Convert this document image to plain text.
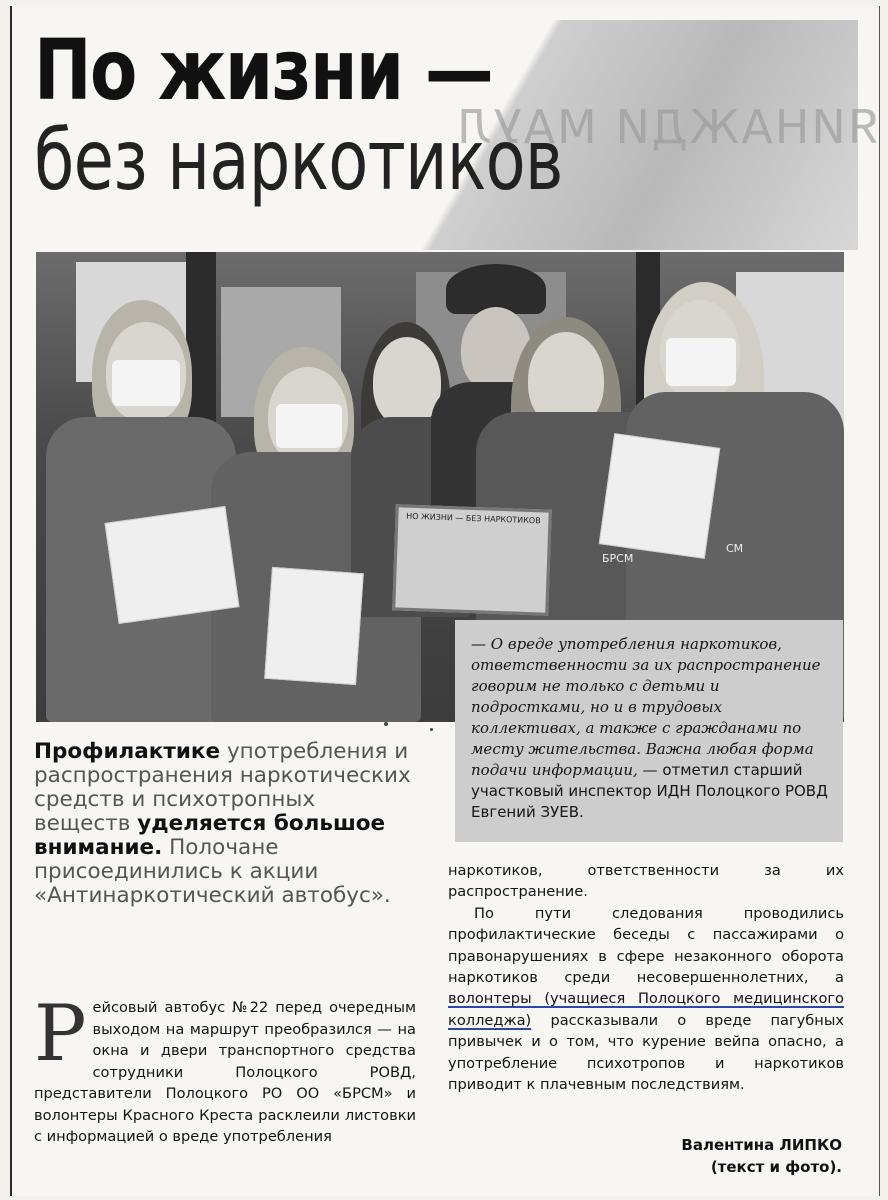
ЯИНАЖДИ МАУЛ
По жизни —
без наркотиков
НО ЖИЗНИ — БЕЗ НАРКОТИКОВ
БРСМ
СМ
— О вреде употребления наркотиков, ответственности за их распространение говорим не только с детьми и подростками, но и в трудовых коллективах, а также с гражданами по месту жительства. Важна любая форма подачи информации, — отметил старший участковый инспектор ИДН Полоцкого РОВД Евгений ЗУЕВ.
Профилактике употребления и распространения наркотических средств и психотропных веществ уделяется большое внимание. Полочане присоединились к акции «Антинаркотический автобус».
Рейсовый автобус №22 перед очередным выходом на маршрут преобразился — на окна и двери транспортного средства сотрудники Полоцкого РОВД, представители Полоцкого РО ОО «БРСМ» и волонтеры Красного Креста расклеили листовки с информацией о вреде употребления

наркотиков, ответственности за их распространение.

По пути следования проводились профилактические беседы с пассажирами о правонарушениях в сфере незаконного оборота наркотиков среди несовершеннолетних, а волонтеры (учащиеся Полоцкого медицинского колледжа) рассказывали о вреде пагубных привычек и о том, что курение вейпа опасно, а употребление психотропов и наркотиков приводит к плачевным последствиям.

Валентина ЛИПКО
(текст и фото).
